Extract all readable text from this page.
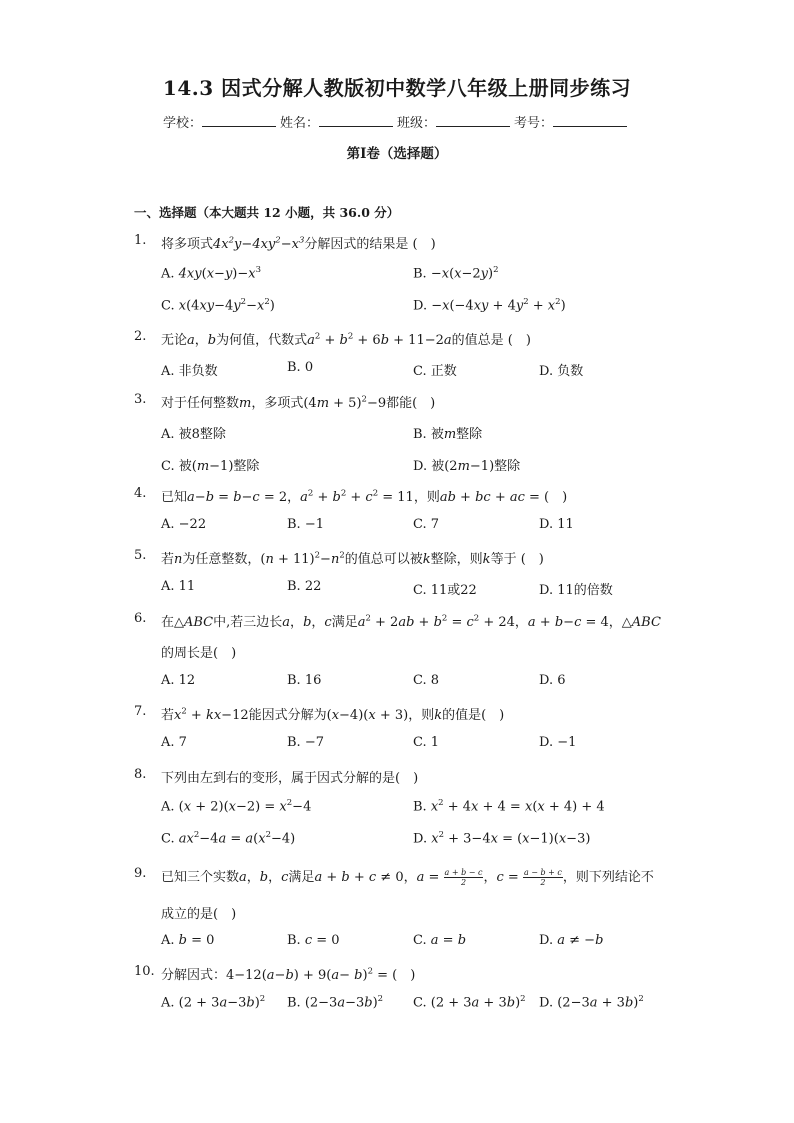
14.3 因式分解人教版初中数学八年级上册同步练习
学校：	姓名：	班级：	考号：
第I卷（选择题）
一、选择题（本大题共 12 小题，共 36.0 分）
1. 将多项式$4x^2y-4xy^2-x^3$分解因式的结果是 (　)
A. $4xy(x-y)-x^3$	B. $-x(x-2y)^2$
C. $x(4xy-4y^2-x^2)$	D. $-x(-4xy + 4y^2 + x^2)$
2. 无论a，b为何值，代数式$a^2 + b^2 + 6b + 11-2a$的值总是 (　)
A. 非负数	B. 0	C. 正数	D. 负数
3. 对于任何整数m，多项式$(4m + 5)^2-9$都能(　)
A. 被8整除	B. 被m整除
C. 被(m−1)整除	D. 被(2m−1)整除
4. 已知a−b = b−c = 2，$a^2 + b^2 + c^2 = 11$，则ab + bc + ac = (　)
A. −22	B. −1	C. 7	D. 11
5. 若n为任意整数，$(n + 11)^2-n^2$的值总可以被k整除，则k等于 (　)
A. 11	B. 22	C. 11或22	D. 11的倍数
6. 在△ABC中,若三边长a，b，c满足$a^2 + 2ab + b^2 = c^2 + 24$，a + b−c = 4，△ABC
的周长是(　)
A. 12	B. 16	C. 8	D. 6
7. 若$x^2 + kx-12$能因式分解为(x−4)(x + 3)，则k的值是(　)
A. 7	B. −7	C. 1	D. −1
8. 下列由左到右的变形，属于因式分解的是(　)
A. $(x + 2)(x-2) = x^2-4$	B. $x^2 + 4x + 4 = x(x + 4) + 4$
C. $ax^2-4a = a(x^2-4)$	D. $x^2 + 3-4x = (x-1)(x-3)$
9. 已知三个实数a，b，c满足a + b + c ≠ 0，a = a + b − c
2 ，c = a − b + c
2 ，则下列结论不
成立的是(　)
A. b = 0	B. c = 0	C. a = b	D. a ≠ −b
10. 分解因式：$4-12(a-b) + 9(a- b)^2$ = (　)
A. $(2 + 3a-3b)^2$ B. $(2-3a-3b)^2$ C. $(2 + 3a + 3b)^2$ D. $(2-3a + 3b)^2$
